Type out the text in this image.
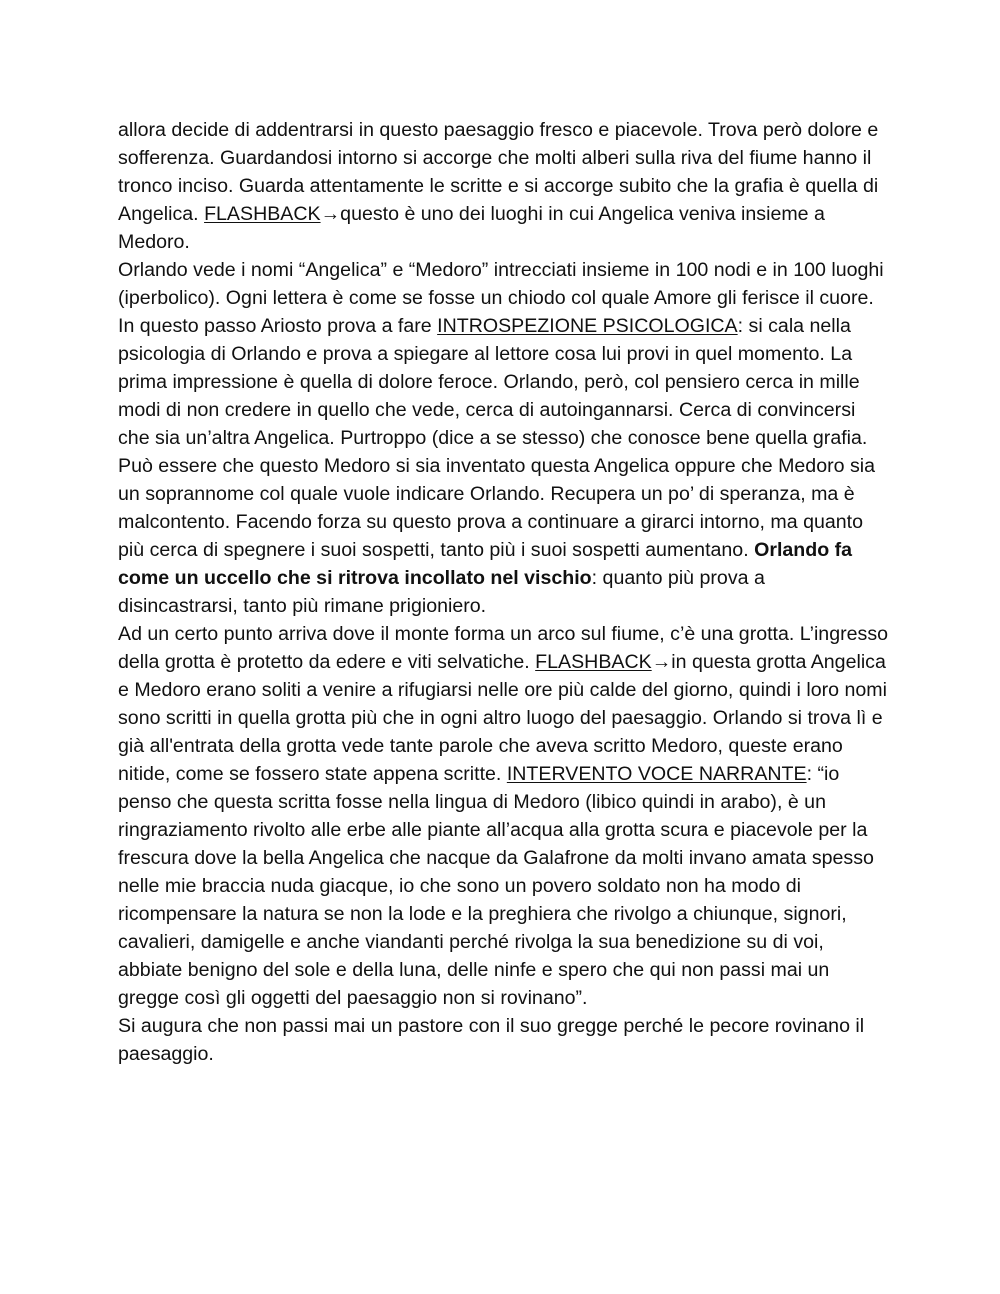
allora decide di addentrarsi in questo paesaggio fresco e piacevole. Trova però dolore e sofferenza. Guardandosi intorno si accorge che molti alberi sulla riva del fiume hanno il tronco inciso. Guarda attentamente le scritte e si accorge subito che la grafia è quella di Angelica. FLASHBACK→questo è uno dei luoghi in cui Angelica veniva insieme a Medoro.

Orlando vede i nomi “Angelica” e “Medoro” intrecciati insieme in 100 nodi e in 100 luoghi (iperbolico). Ogni lettera è come se fosse un chiodo col quale Amore gli ferisce il cuore.

In questo passo Ariosto prova a fare INTROSPEZIONE PSICOLOGICA: si cala nella psicologia di Orlando e prova a spiegare al lettore cosa lui provi in quel momento. La prima impressione è quella di dolore feroce. Orlando, però, col pensiero cerca in mille modi di non credere in quello che vede, cerca di autoingannarsi. Cerca di convincersi che sia un’altra Angelica. Purtroppo (dice a se stesso) che conosce bene quella grafia. Può essere che questo Medoro si sia inventato questa Angelica oppure che Medoro sia un soprannome col quale vuole indicare Orlando. Recupera un po’ di speranza, ma è malcontento. Facendo forza su questo prova a continuare a girarci intorno, ma quanto più cerca di spegnere i suoi sospetti, tanto più i suoi sospetti aumentano. Orlando fa come un uccello che si ritrova incollato nel vischio: quanto più prova a disincastrarsi, tanto più rimane prigioniero.

Ad un certo punto arriva dove il monte forma un arco sul fiume, c’è una grotta. L’ingresso della grotta è protetto da edere e viti selvatiche. FLASHBACK→in questa grotta Angelica e Medoro erano soliti a venire a rifugiarsi nelle ore più calde del giorno, quindi i loro nomi sono scritti in quella grotta più che in ogni altro luogo del paesaggio. Orlando si trova lì e già all'entrata della grotta vede tante parole che aveva scritto Medoro, queste erano nitide, come se fossero state appena scritte. INTERVENTO VOCE NARRANTE: “io penso che questa scritta fosse nella lingua di Medoro (libico quindi in arabo), è un ringraziamento rivolto alle erbe alle piante all’acqua alla grotta scura e piacevole per la frescura dove la bella Angelica che nacque da Galafrone da molti invano amata spesso nelle mie braccia nuda giacque, io che sono un povero soldato non ha modo di ricompensare la natura se non la lode e la preghiera che rivolgo a chiunque, signori, cavalieri, damigelle e anche viandanti perché rivolga la sua benedizione su di voi, abbiate benigno del sole e della luna, delle ninfe e spero che qui non passi mai un gregge così gli oggetti del paesaggio non si rovinano”.

Si augura che non passi mai un pastore con il suo gregge perché le pecore rovinano il paesaggio.
